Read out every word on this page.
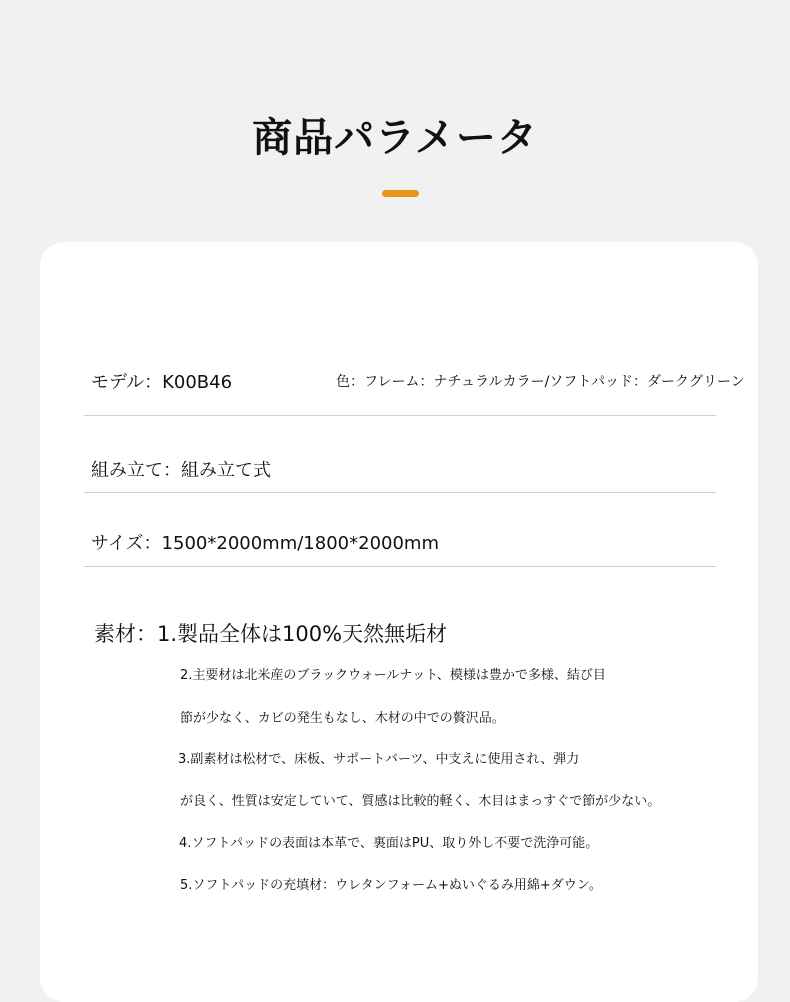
商品パラメータ
モデル：K00B46	色：フレーム：ナチュラルカラー/ソフトパッド：ダークグリーン
組み立て：組み立て式
サイズ：1500*2000mm/1800*2000mm
素材：1.製品全体は100%天然無垢材
2.主要材は北米産のブラックウォールナット、模様は豊かで多様、結び目
節が少なく、カビの発生もなし、木材の中での贅沢品。
3.副素材は松材で、床板、サポートバーツ、中支えに使用され、弾力
が良く、性質は安定していて、質感は比較的軽く、木目はまっすぐで節が少ない。
4.ソフトパッドの表面は本革で、裏面はPU、取り外し不要で洗浄可能。
5.ソフトパッドの充填材：ウレタンフォーム+ぬいぐるみ用綿+ダウン。
